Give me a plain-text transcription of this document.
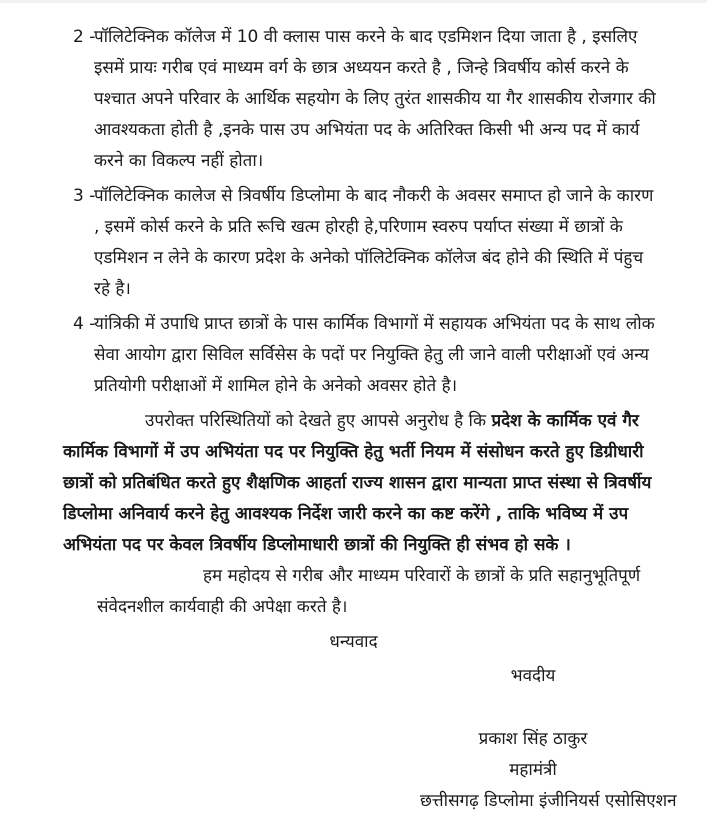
2 -
पॉलिटेक्निक कॉलेज में 10 वी क्लास पास करने के बाद एडमिशन दिया जाता है , इसलिए इसमें प्रायः गरीब एवं माध्यम वर्ग के छात्र अध्ययन करते है , जिन्हे त्रिवर्षीय कोर्स करने के पश्चात अपने परिवार के आर्थिक सहयोग के लिए तुरंत शासकीय या गैर शासकीय रोजगार की आवश्यकता होती है ,इनके पास उप अभियंता पद के अतिरिक्त किसी भी अन्य पद में कार्य करने का विकल्प नहीं होता।
3 -
पॉलिटेक्निक कालेज से त्रिवर्षीय डिप्लोमा के बाद नौकरी के अवसर समाप्त हो जाने के कारण , इसमें कोर्स करने के प्रति रूचि खत्म होरही हे,परिणाम स्वरुप पर्याप्त संख्या में छात्रों के एडमिशन न लेने के कारण प्रदेश के अनेको पॉलिटेक्निक कॉलेज बंद होने की स्थिति में पंहुच रहे है।
4 -
यांत्रिकी में उपाधि प्राप्त छात्रों के पास कार्मिक विभागों में सहायक अभियंता पद के साथ लोक सेवा आयोग द्वारा सिविल सर्विसेस के पदों पर नियुक्ति हेतु ली जाने वाली परीक्षाओं एवं अन्य प्रतियोगी परीक्षाओं में शामिल होने के अनेको अवसर होते है।
उपरोक्त परिस्थितियों को देखते हुए आपसे अनुरोध है कि प्रदेश के कार्मिक एवं गैर कार्मिक विभागों में उप अभियंता पद पर नियुक्ति हेतु भर्ती नियम में संसोधन करते हुए डिग्रीधारी छात्रों को प्रतिबंधित करते हुए शैक्षणिक आहर्ता राज्य शासन द्वारा मान्यता प्राप्त संस्था से त्रिवर्षीय डिप्लोमा अनिवार्य करने हेतु आवश्यक निर्देश जारी करने का कष्ट करेंगे , ताकि भविष्य में उप अभियंता पद पर केवल त्रिवर्षीय डिप्लोमाधारी छात्रों की नियुक्ति ही संभव हो सके ।
हम महोदय से गरीब और माध्यम परिवारों के छात्रों के प्रति सहानुभूतिपूर्ण संवेदनशील कार्यवाही की अपेक्षा करते है।
धन्यवाद
भवदीय
प्रकाश सिंह ठाकुर
महामंत्री
छत्तीसगढ़ डिप्लोमा इंजीनियर्स एसोसिएशन
